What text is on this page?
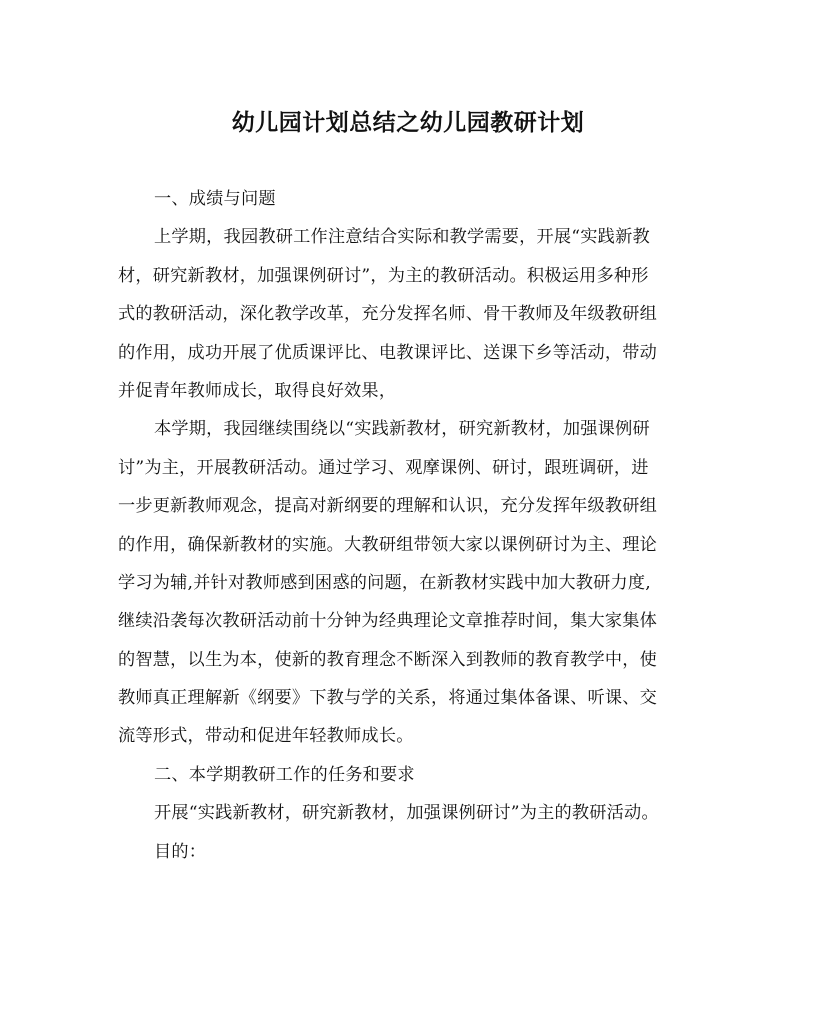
幼儿园计划总结之幼儿园教研计划
一、成绩与问题
上学期，我园教研工作注意结合实际和教学需要，开展“实践新教
材，研究新教材，加强课例研讨”，为主的教研活动。积极运用多种形
式的教研活动，深化教学改革，充分发挥名师、骨干教师及年级教研组
的作用，成功开展了优质课评比、电教课评比、送课下乡等活动，带动
并促青年教师成长，取得良好效果，
本学期，我园继续围绕以“实践新教材，研究新教材，加强课例研
讨”为主，开展教研活动。通过学习、观摩课例、研讨，跟班调研，进
一步更新教师观念，提高对新纲要的理解和认识，充分发挥年级教研组
的作用，确保新教材的实施。大教研组带领大家以课例研讨为主、理论
学习为辅,并针对教师感到困惑的问题，在新教材实践中加大教研力度,
继续沿袭每次教研活动前十分钟为经典理论文章推荐时间，集大家集体
的智慧，以生为本，使新的教育理念不断深入到教师的教育教学中，使
教师真正理解新《纲要》下教与学的关系，将通过集体备课、听课、交
流等形式，带动和促进年轻教师成长。
二、本学期教研工作的任务和要求
开展“实践新教材，研究新教材，加强课例研讨”为主的教研活动。
目的：
